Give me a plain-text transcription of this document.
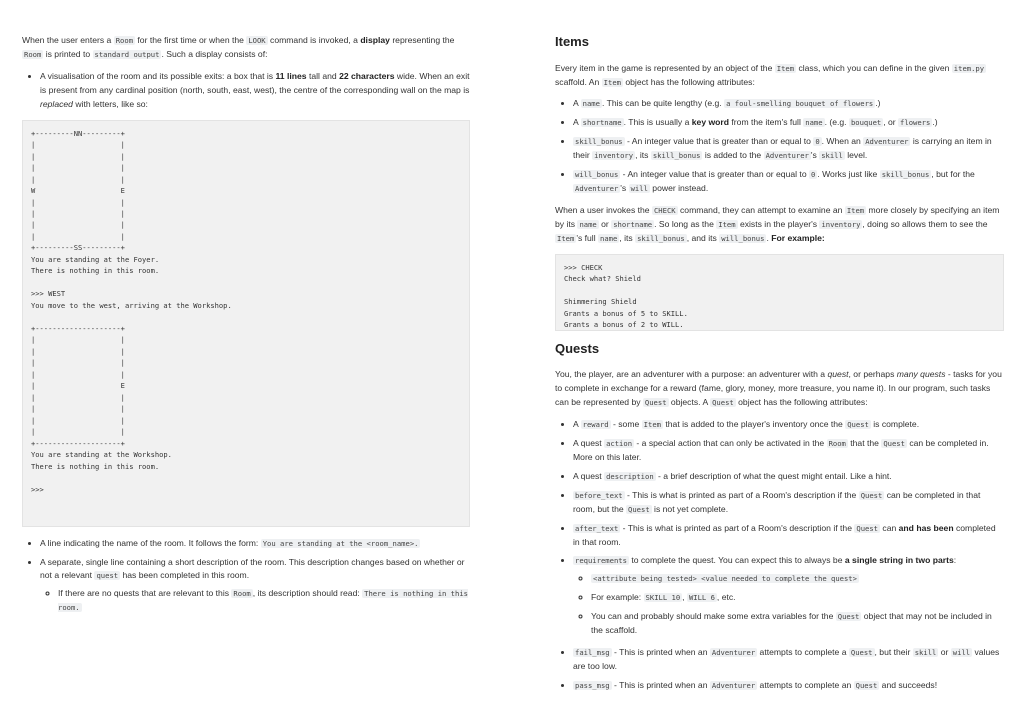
When the user enters a Room for the first time or when the LOOK command is invoked, a display representing the Room is printed to standard output . Such a display consists of:

• A visualisation of the room and its possible exits: a box that is 11 lines tall and 22 characters wide. When an exit is present from any cardinal position (north, south, east, west), the centre of the corresponding wall on the map is replaced with letters, like so:
+---------NN---------+
|                    |
|                    |
|                    |
|                    |
W                    E
|                    |
|                    |
|                    |
|                    |
+---------SS---------+
You are standing at the Foyer.
There is nothing in this room.

>>> WEST
You move to the west, arriving at the Workshop.

+--------------------+
|                    |
|                    |
|                    |
|                    |
|                    E
|                    |
|                    |
|                    |
|                    |
+--------------------+
You are standing at the Workshop.
There is nothing in this room.

>>>
• A line indicating the name of the room. It follows the form: You are standing at the <room_name>.
• A separate, single line containing a short description of the room. This description changes based on whether or not a relevant quest has been completed in this room.
◦ If there are no quests that are relevant to this Room , its description should read: There is nothing in this room.
Items

Every item in the game is represented by an object of the Item class, which you can define in the given item.py scaffold. An Item object has the following attributes:

• A name . This can be quite lengthy (e.g. a foul-smelling bouquet of flowers .)
• A shortname . This is usually a key word from the item's full name . (e.g. bouquet , or flowers .)
• skill_bonus - An integer value that is greater than or equal to 0 . When an Adventurer is carrying an item in their inventory , its skill_bonus is added to the Adventurer 's skill level.
• will_bonus - An integer value that is greater than or equal to 0 . Works just like skill_bonus , but for the Adventurer 's will power instead.

When a user invokes the CHECK command, they can attempt to examine an Item more closely by specifying an item by its name or shortname . So long as the Item exists in the player's inventory , doing so allows them to see the Item 's full name , its skill_bonus , and its will_bonus . For example:

>>> CHECK
Check what? Shield

Shimmering Shield
Grants a bonus of 5 to SKILL.
Grants a bonus of 2 to WILL.
Quests

You, the player, are an adventurer with a purpose: an adventurer with a quest, or perhaps many quests - tasks for you to complete in exchange for a reward (fame, glory, money, more treasure, you name it). In our program, such tasks can be represented by Quest objects. A Quest object has the following attributes:

• A reward - some Item that is added to the player's inventory once the Quest is complete.
• A quest action - a special action that can only be activated in the Room that the Quest can be completed in. More on this later.
• A quest description - a brief description of what the quest might entail. Like a hint.
• before_text - This is what is printed as part of a Room's description if the Quest can be completed in that room, but the Quest is not yet complete.
• after_text - This is what is printed as part of a Room's description if the Quest can and has been completed in that room.
• requirements to complete the quest. You can expect this to always be a single string in two parts:
◦ <attribute being tested> <value needed to complete the quest>
◦ For example: SKILL 10 , WILL 6 , etc.
◦ You can and probably should make some extra variables for the Quest object that may not be included in the scaffold.
• fail_msg - This is printed when an Adventurer attempts to complete a Quest , but their skill or will values are too low.
• pass_msg - This is printed when an Adventurer attempts to complete an Quest and succeeds!
